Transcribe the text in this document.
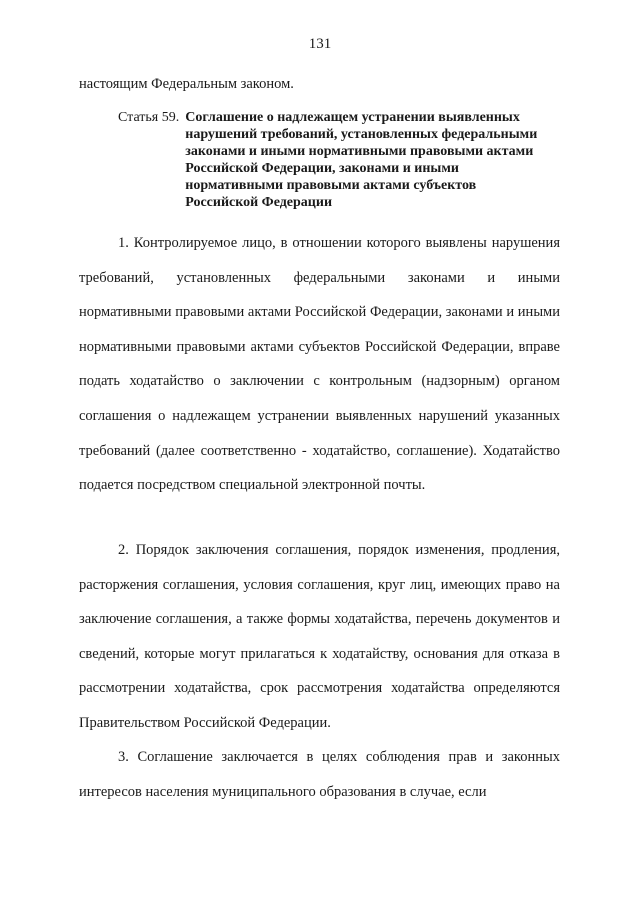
131
настоящим Федеральным законом.
Статья 59. Соглашение о надлежащем устранении выявленных нарушений требований, установленных федеральными законами и иными нормативными правовыми актами Российской Федерации, законами и иными нормативными правовыми актами субъектов Российской Федерации

1. Контролируемое лицо, в отношении которого выявлены нарушения требований, установленных федеральными законами и иными нормативными правовыми актами Российской Федерации, законами и иными нормативными правовыми актами субъектов Российской Федерации, вправе подать ходатайство о заключении с контрольным (надзорным) органом соглашения о надлежащем устранении выявленных нарушений указанных требований (далее соответственно - ходатайство, соглашение). Ходатайство подается посредством специальной электронной почты.

2. Порядок заключения соглашения, порядок изменения, продления, расторжения соглашения, условия соглашения, круг лиц, имеющих право на заключение соглашения, а также формы ходатайства, перечень документов и сведений, которые могут прилагаться к ходатайству, основания для отказа в рассмотрении ходатайства, срок рассмотрения ходатайства определяются Правительством Российской Федерации.

3. Соглашение заключается в целях соблюдения прав и законных интересов населения муниципального образования в случае, если
